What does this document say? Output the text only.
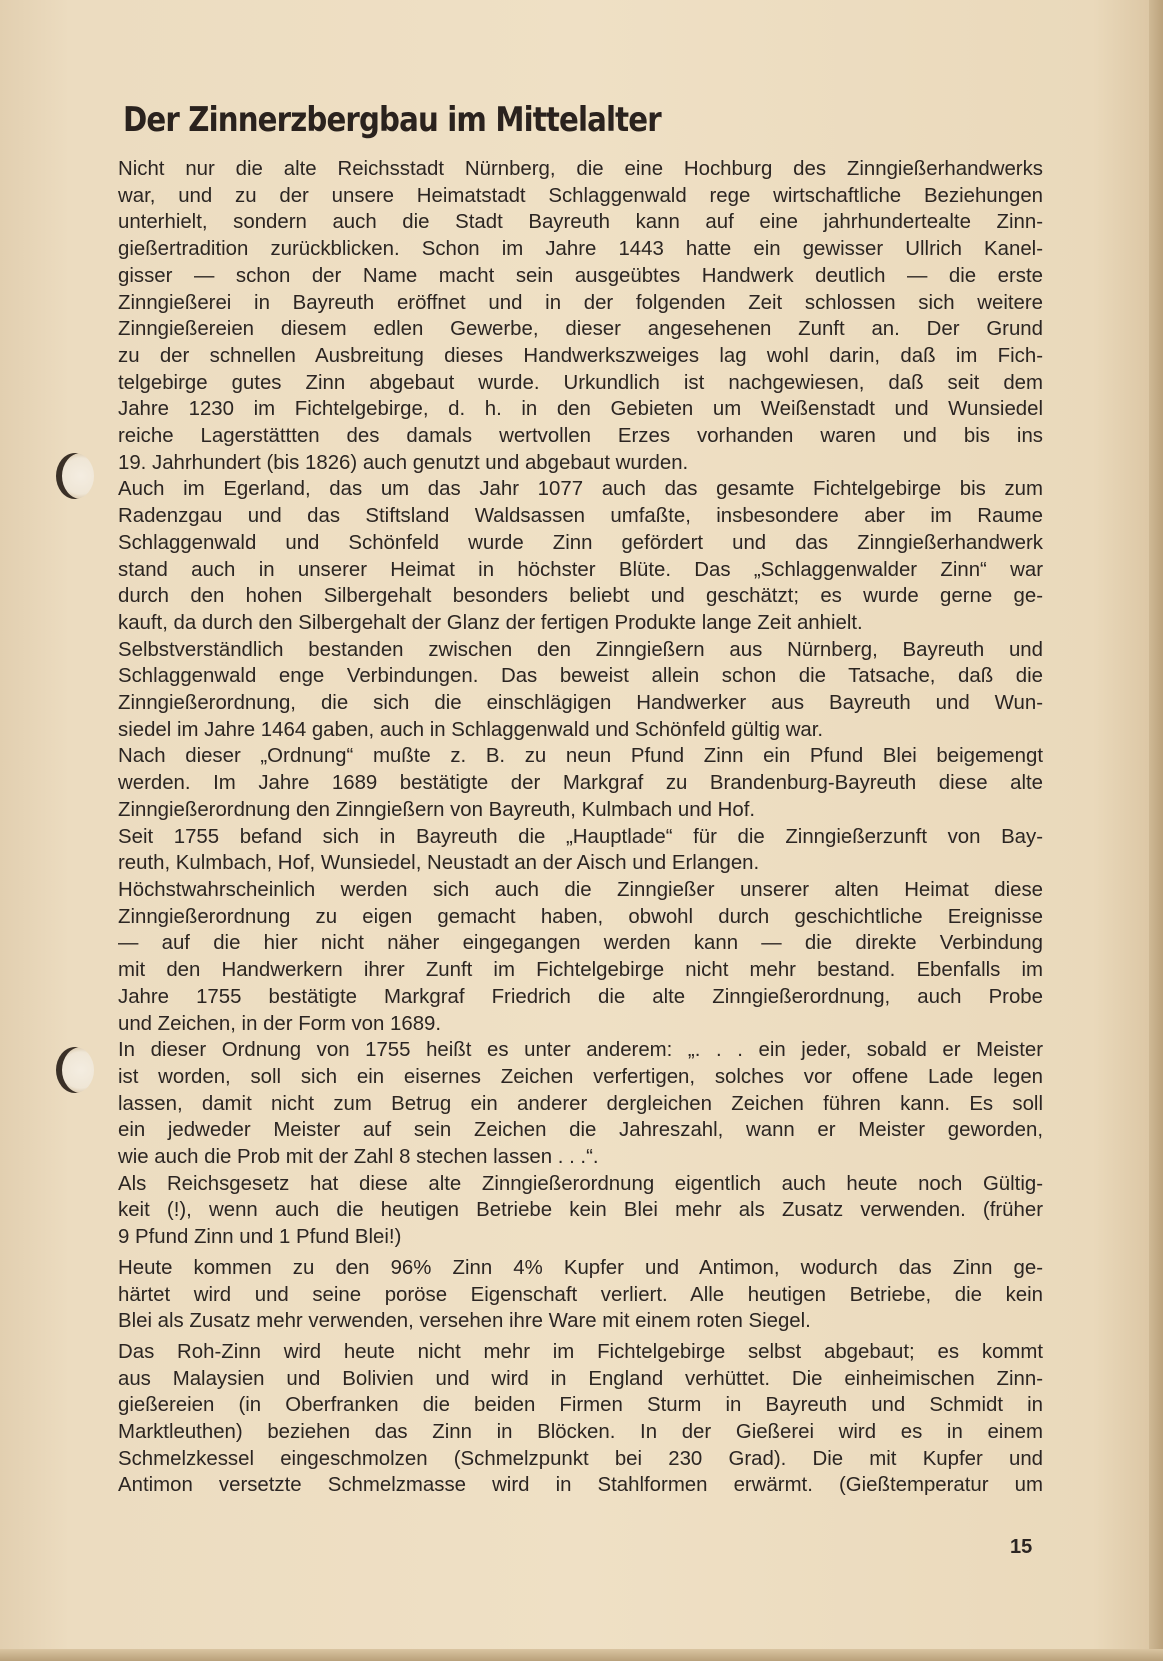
Der Zinnerzbergbau im Mittelalter
Nicht nur die alte Reichsstadt Nürnberg, die eine Hochburg des Zinngießerhandwerks
war, und zu der unsere Heimatstadt Schlaggenwald rege wirtschaftliche Beziehungen
unterhielt, sondern auch die Stadt Bayreuth kann auf eine jahrhundertealte Zinn-
gießertradition zurückblicken. Schon im Jahre 1443 hatte ein gewisser Ullrich Kanel-
gisser — schon der Name macht sein ausgeübtes Handwerk deutlich — die erste
Zinngießerei in Bayreuth eröffnet und in der folgenden Zeit schlossen sich weitere
Zinngießereien diesem edlen Gewerbe, dieser angesehenen Zunft an. Der Grund
zu der schnellen Ausbreitung dieses Handwerkszweiges lag wohl darin, daß im Fich-
telgebirge gutes Zinn abgebaut wurde. Urkundlich ist nachgewiesen, daß seit dem
Jahre 1230 im Fichtelgebirge, d. h. in den Gebieten um Weißenstadt und Wunsiedel
reiche Lagerstättten des damals wertvollen Erzes vorhanden waren und bis ins
19. Jahrhundert (bis 1826) auch genutzt und abgebaut wurden.
Auch im Egerland, das um das Jahr 1077 auch das gesamte Fichtelgebirge bis zum
Radenzgau und das Stiftsland Waldsassen umfaßte, insbesondere aber im Raume
Schlaggenwald und Schönfeld wurde Zinn gefördert und das Zinngießerhandwerk
stand auch in unserer Heimat in höchster Blüte. Das „Schlaggenwalder Zinn“ war
durch den hohen Silbergehalt besonders beliebt und geschätzt; es wurde gerne ge-
kauft, da durch den Silbergehalt der Glanz der fertigen Produkte lange Zeit anhielt.
Selbstverständlich bestanden zwischen den Zinngießern aus Nürnberg, Bayreuth und
Schlaggenwald enge Verbindungen. Das beweist allein schon die Tatsache, daß die
Zinngießerordnung, die sich die einschlägigen Handwerker aus Bayreuth und Wun-
siedel im Jahre 1464 gaben, auch in Schlaggenwald und Schönfeld gültig war.
Nach dieser „Ordnung“ mußte z. B. zu neun Pfund Zinn ein Pfund Blei beigemengt
werden. Im Jahre 1689 bestätigte der Markgraf zu Brandenburg-Bayreuth diese alte
Zinngießerordnung den Zinngießern von Bayreuth, Kulmbach und Hof.
Seit 1755 befand sich in Bayreuth die „Hauptlade“ für die Zinngießerzunft von Bay-
reuth, Kulmbach, Hof, Wunsiedel, Neustadt an der Aisch und Erlangen.
Höchstwahrscheinlich werden sich auch die Zinngießer unserer alten Heimat diese
Zinngießerordnung zu eigen gemacht haben, obwohl durch geschichtliche Ereignisse
— auf die hier nicht näher eingegangen werden kann — die direkte Verbindung
mit den Handwerkern ihrer Zunft im Fichtelgebirge nicht mehr bestand. Ebenfalls im
Jahre 1755 bestätigte Markgraf Friedrich die alte Zinngießerordnung, auch Probe
und Zeichen, in der Form von 1689.
In dieser Ordnung von 1755 heißt es unter anderem: „. . . ein jeder, sobald er Meister
ist worden, soll sich ein eisernes Zeichen verfertigen, solches vor offene Lade legen
lassen, damit nicht zum Betrug ein anderer dergleichen Zeichen führen kann. Es soll
ein jedweder Meister auf sein Zeichen die Jahreszahl, wann er Meister geworden,
wie auch die Prob mit der Zahl 8 stechen lassen . . .“.
Als Reichsgesetz hat diese alte Zinngießerordnung eigentlich auch heute noch Gültig-
keit (!), wenn auch die heutigen Betriebe kein Blei mehr als Zusatz verwenden. (früher
9 Pfund Zinn und 1 Pfund Blei!)
Heute kommen zu den 96% Zinn 4% Kupfer und Antimon, wodurch das Zinn ge-
härtet wird und seine poröse Eigenschaft verliert. Alle heutigen Betriebe, die kein
Blei als Zusatz mehr verwenden, versehen ihre Ware mit einem roten Siegel.
Das Roh-Zinn wird heute nicht mehr im Fichtelgebirge selbst abgebaut; es kommt
aus Malaysien und Bolivien und wird in England verhüttet. Die einheimischen Zinn-
gießereien (in Oberfranken die beiden Firmen Sturm in Bayreuth und Schmidt in
Marktleuthen) beziehen das Zinn in Blöcken. In der Gießerei wird es in einem
Schmelzkessel eingeschmolzen (Schmelzpunkt bei 230 Grad). Die mit Kupfer und
Antimon versetzte Schmelzmasse wird in Stahlformen erwärmt. (Gießtemperatur um
15
